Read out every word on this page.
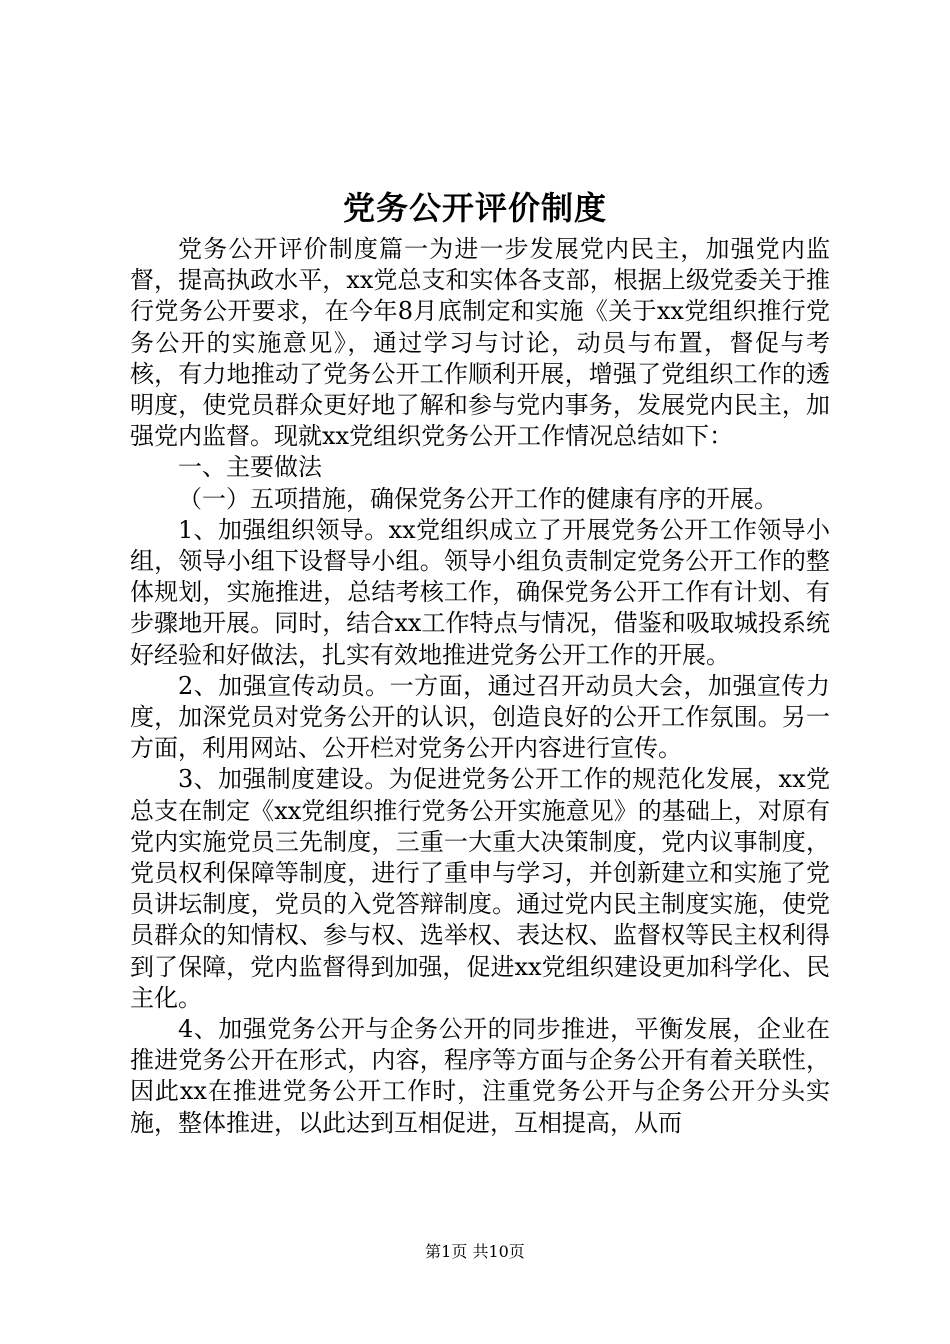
党务公开评价制度

党务公开评价制度篇一为进一步发展党内民主，加强党内监督，提高执政水平，xx党总支和实体各支部，根据上级党委关于推行党务公开要求，在今年8月底制定和实施《关于xx党组织推行党务公开的实施意见》，通过学习与讨论，动员与布置，督促与考核，有力地推动了党务公开工作顺利开展，增强了党组织工作的透明度，使党员群众更好地了解和参与党内事务，发展党内民主，加强党内监督。现就xx党组织党务公开工作情况总结如下：

一、主要做法

（一）五项措施，确保党务公开工作的健康有序的开展。

1、加强组织领导。xx党组织成立了开展党务公开工作领导小组，领导小组下设督导小组。领导小组负责制定党务公开工作的整体规划，实施推进，总结考核工作，确保党务公开工作有计划、有步骤地开展。同时，结合xx工作特点与情况，借鉴和吸取城投系统好经验和好做法，扎实有效地推进党务公开工作的开展。

2、加强宣传动员。一方面，通过召开动员大会，加强宣传力度，加深党员对党务公开的认识，创造良好的公开工作氛围。另一方面，利用网站、公开栏对党务公开内容进行宣传。

3、加强制度建设。为促进党务公开工作的规范化发展，xx党总支在制定《xx党组织推行党务公开实施意见》的基础上，对原有党内实施党员三先制度，三重一大重大决策制度，党内议事制度，党员权利保障等制度，进行了重申与学习，并创新建立和实施了党员讲坛制度，党员的入党答辩制度。通过党内民主制度实施，使党员群众的知情权、参与权、选举权、表达权、监督权等民主权利得到了保障，党内监督得到加强，促进xx党组织建设更加科学化、民主化。

4、加强党务公开与企务公开的同步推进，平衡发展，企业在推进党务公开在形式，内容，程序等方面与企务公开有着关联性，因此xx在推进党务公开工作时，注重党务公开与企务公开分头实施，整体推进，以此达到互相促进，互相提高，从而

第1页 共10页
